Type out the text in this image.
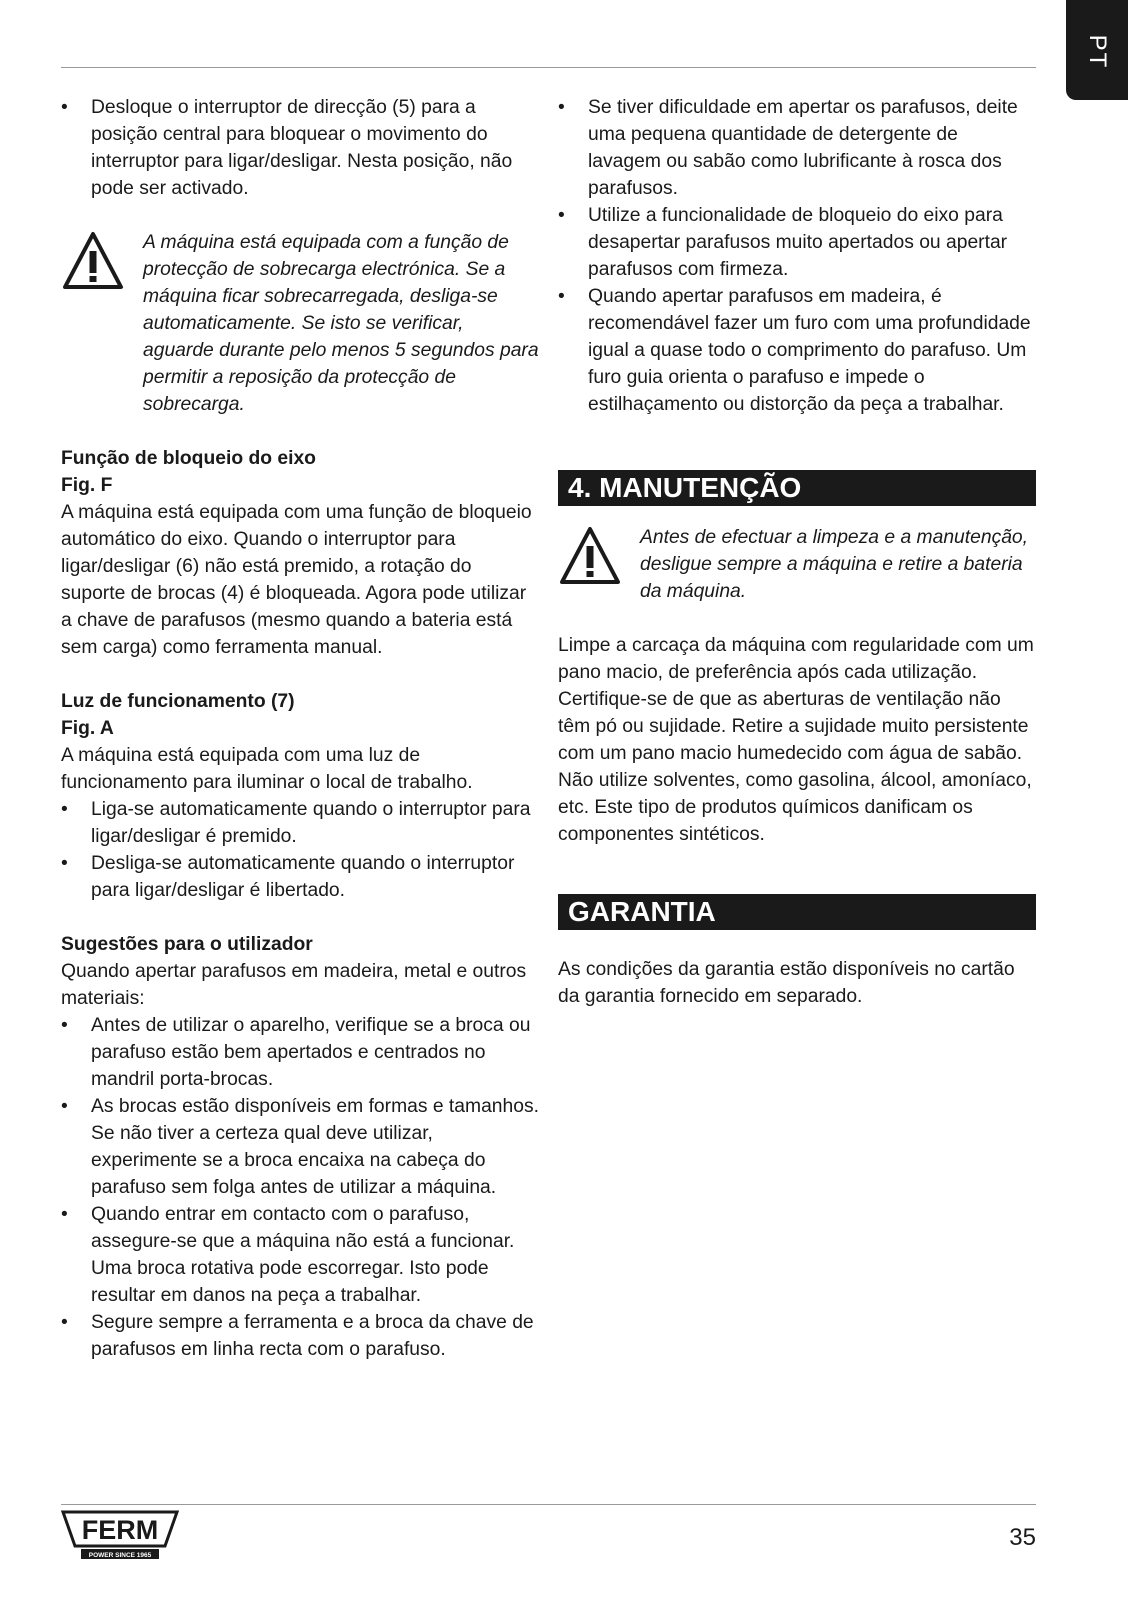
PT
• Desloque o interruptor de direcção (5) para a posição central para bloquear o movimento do interruptor para ligar/desligar. Nesta posição, não pode ser activado.

A máquina está equipada com a função de protecção de sobrecarga electrónica. Se a máquina ficar sobrecarregada, desliga-se automaticamente. Se isto se verificar, aguarde durante pelo menos 5 segundos para permitir a reposição da protecção de sobrecarga.

Função de bloqueio do eixo

Fig. F

A máquina está equipada com uma função de bloqueio automático do eixo. Quando o interruptor para ligar/desligar (6) não está premido, a rotação do suporte de brocas (4) é bloqueada. Agora pode utilizar a chave de parafusos (mesmo quando a bateria está sem carga) como ferramenta manual.

Luz de funcionamento (7)

Fig. A

A máquina está equipada com uma luz de funcionamento para iluminar o local de trabalho.

• Liga-se automaticamente quando o interruptor para ligar/desligar é premido.
• Desliga-se automaticamente quando o interruptor para ligar/desligar é libertado.

Sugestões para o utilizador

Quando apertar parafusos em madeira, metal e outros materiais:

• Antes de utilizar o aparelho, verifique se a broca ou parafuso estão bem apertados e centrados no mandril porta-brocas.
• As brocas estão disponíveis em formas e tamanhos. Se não tiver a certeza qual deve utilizar, experimente se a broca encaixa na cabeça do parafuso sem folga antes de utilizar a máquina.
• Quando entrar em contacto com o parafuso, assegure-se que a máquina não está a funcionar. Uma broca rotativa pode escorregar. Isto pode resultar em danos na peça a trabalhar.
• Segure sempre a ferramenta e a broca da chave de parafusos em linha recta com o parafuso.
• Se tiver dificuldade em apertar os parafusos, deite uma pequena quantidade de detergente de lavagem ou sabão como lubrificante à rosca dos parafusos.
• Utilize a funcionalidade de bloqueio do eixo para desapertar parafusos muito apertados ou apertar parafusos com firmeza.
• Quando apertar parafusos em madeira, é recomendável fazer um furo com uma profundidade igual a quase todo o comprimento do parafuso. Um furo guia orienta o parafuso e impede o estilhaçamento ou distorção da peça a trabalhar.
4. MANUTENÇÃO

Antes de efectuar a limpeza e a manutenção, desligue sempre a máquina e retire a bateria da máquina.

Limpe a carcaça da máquina com regularidade com um pano macio, de preferência após cada utilização. Certifique-se de que as aberturas de ventilação não têm pó ou sujidade. Retire a sujidade muito persistente com um pano macio humedecido com água de sabão. Não utilize solventes, como gasolina, álcool, amoníaco, etc. Este tipo de produtos químicos danificam os componentes sintéticos.

GARANTIA

As condições da garantia estão disponíveis no cartão da garantia fornecido em separado.

FERM
POWER SINCE 1965
35
